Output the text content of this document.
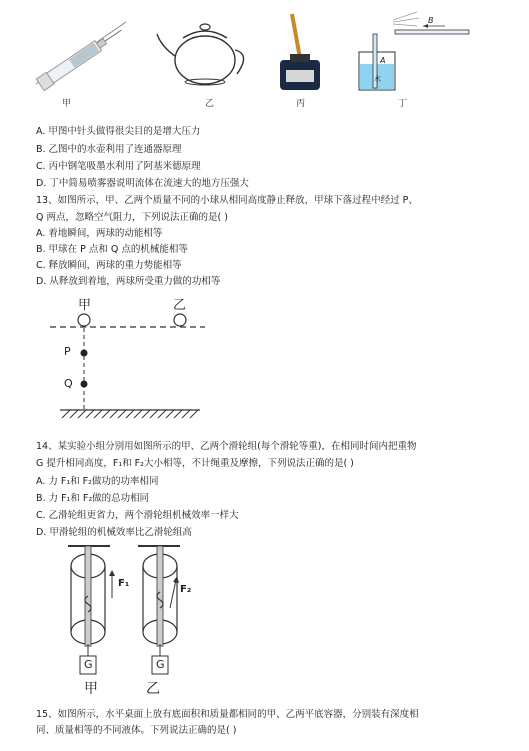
甲	乙	丙
B
A
水
丁
A. 甲图中针头做得很尖目的是增大压力
B. 乙图中的水壶利用了连通器原理
C. 丙中钢笔吸墨水利用了阿基米德原理
D. 丁中简易喷雾器说明流体在流速大的地方压强大
13、如图所示，甲、乙两个质量不同的小球从相同高度静止释放，甲球下落过程中经过 P、
Q 两点，忽略空气阻力，下列说法正确的是( )
A. 着地瞬间，两球的动能相等
B. 甲球在 P 点和 Q 点的机械能相等
C. 释放瞬间，两球的重力势能相等
D. 从释放到着地，两球所受重力做的功相等
甲	乙
P
Q
14、某实验小组分别用如图所示的甲、乙两个滑轮组(每个滑轮等重)，在相同时间内把重物
G 提升相同高度，F₁和 F₂大小相等，不计绳重及摩擦，下列说法正确的是( )
A. 力 F₁和 F₂做功的功率相同
B. 力 F₁和 F₂做的总功相同
C. 乙滑轮组更省力，两个滑轮组机械效率一样大
D. 甲滑轮组的机械效率比乙滑轮组高
F₁
F₂
G	G
甲	乙
15、如图所示，水平桌面上放有底面积和质量都相同的甲、乙两平底容器，分别装有深度相
同、质量相等的不同液体。下列说法正确的是( )
